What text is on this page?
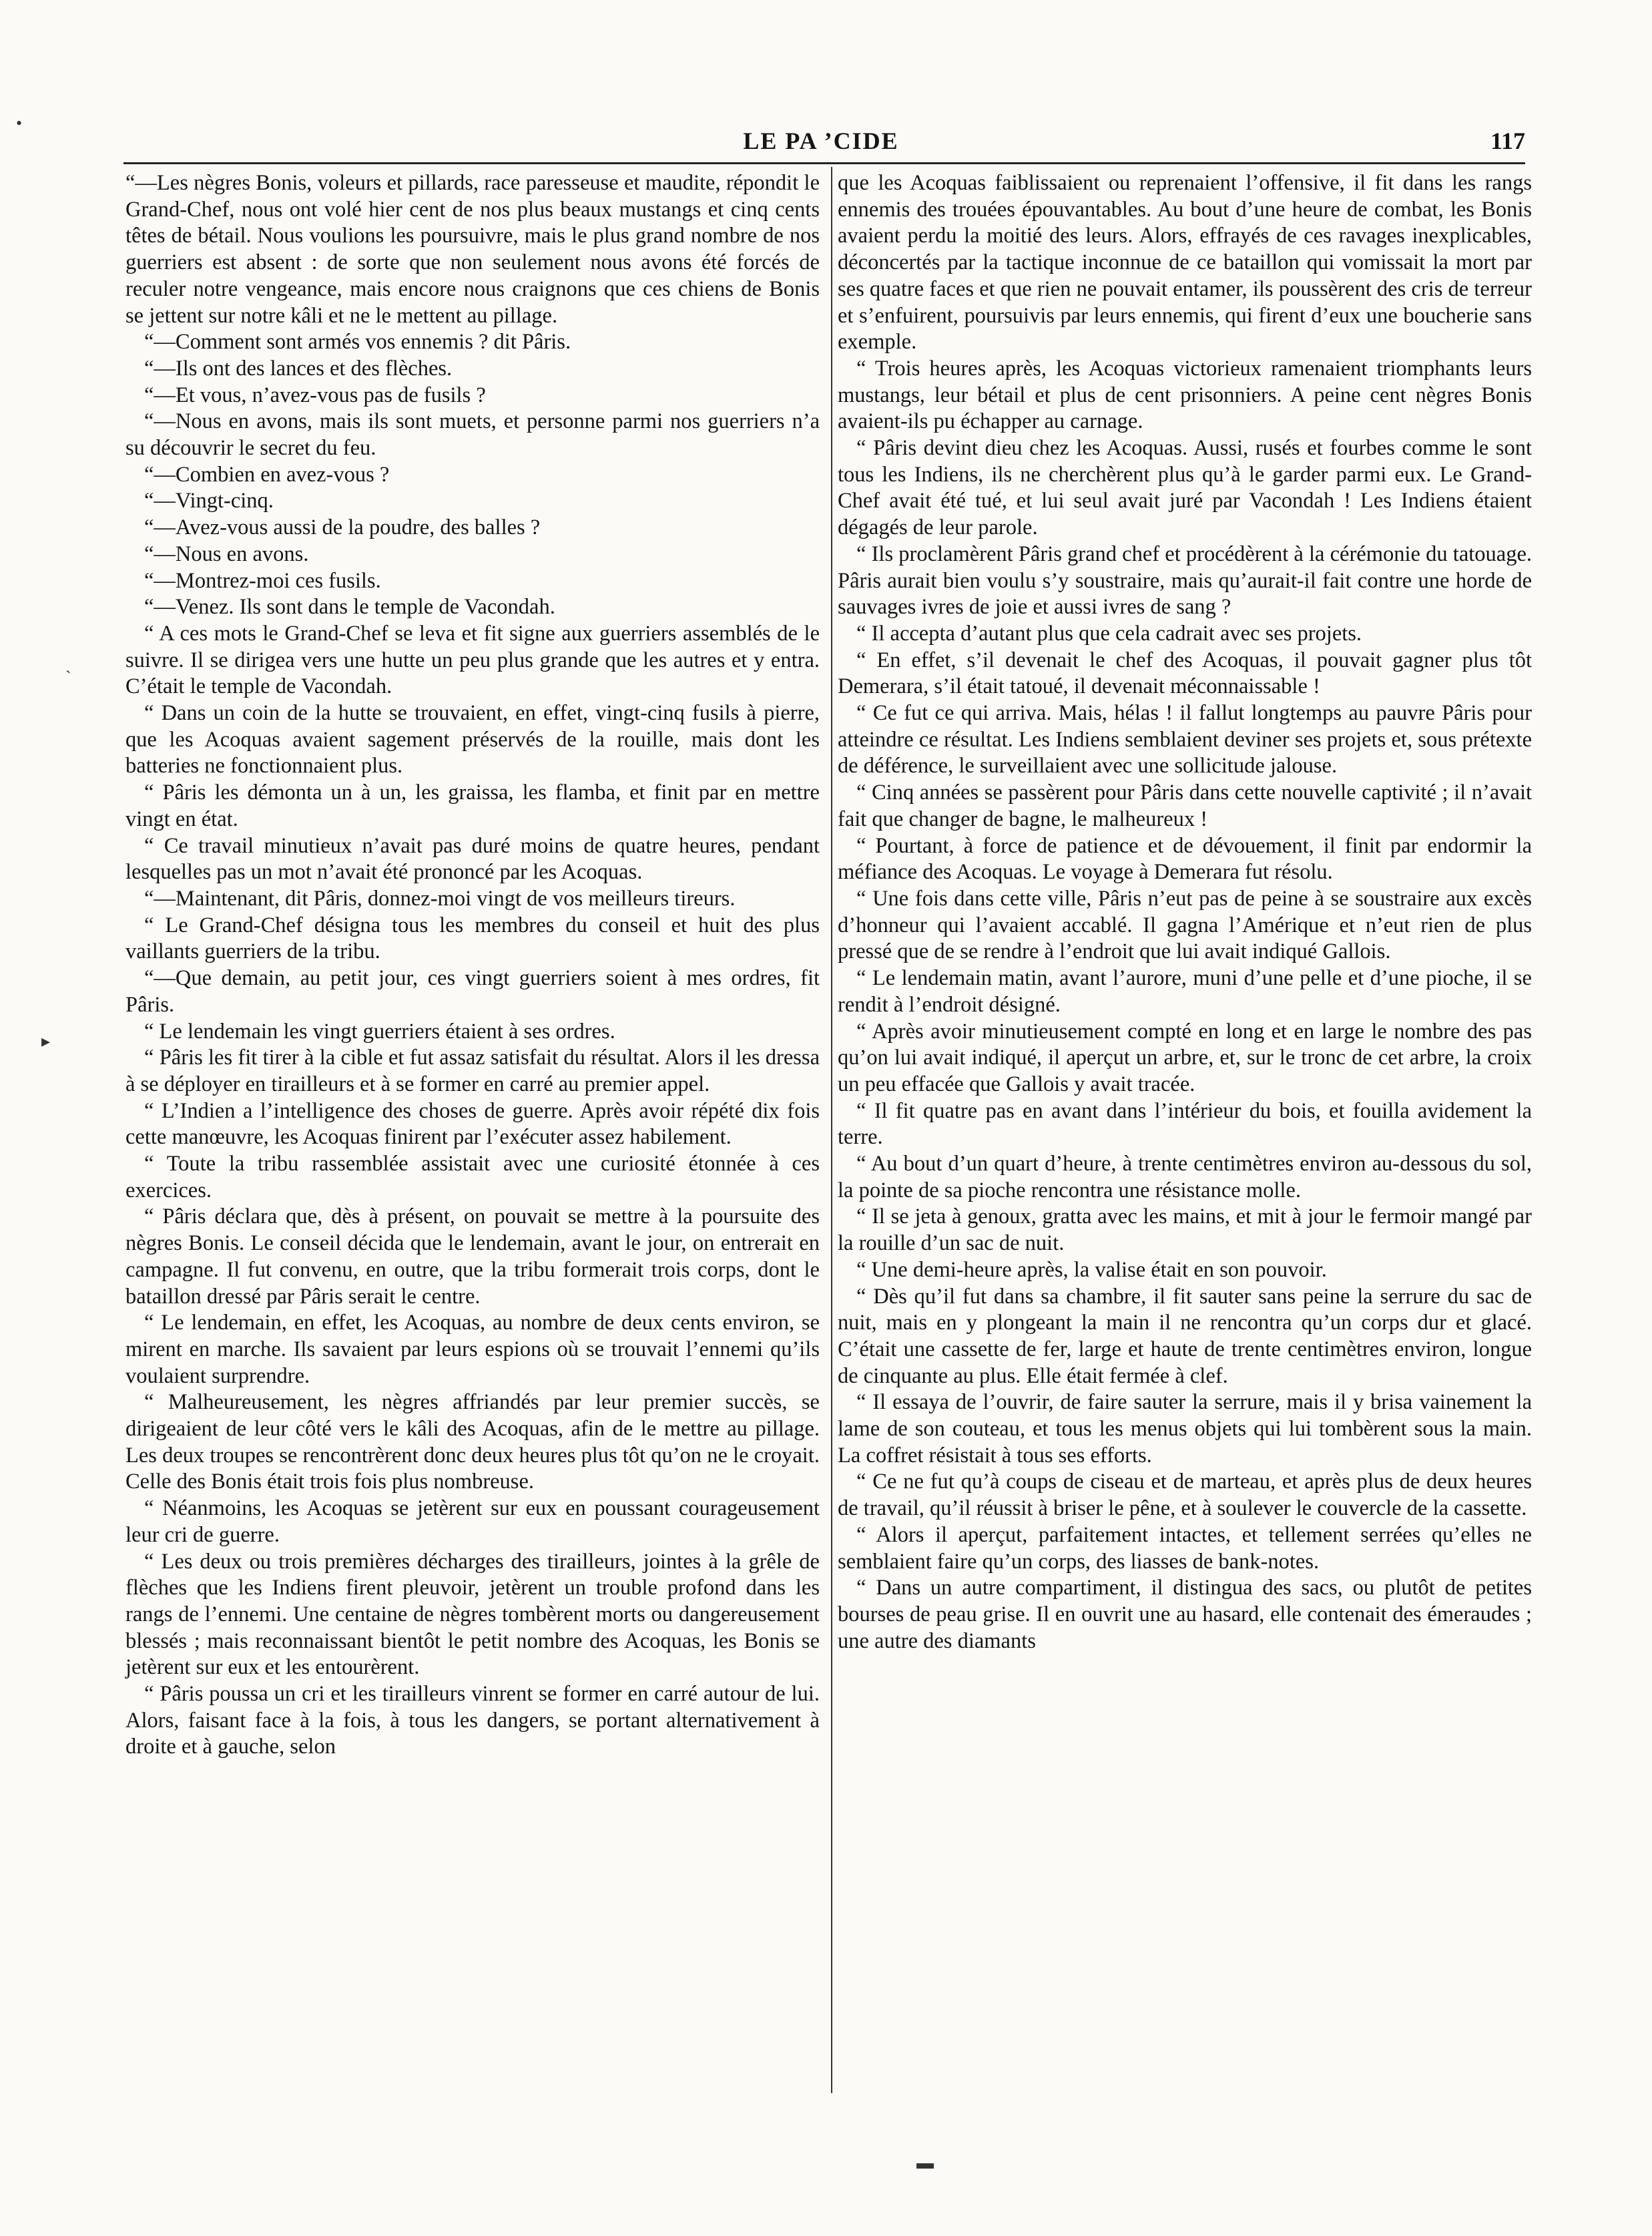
LE PA ’CIDE	117
•
`
▸
▬

“—Les nègres Bonis, voleurs et pillards, race paresseuse et maudite, répondit le Grand-Chef, nous ont volé hier cent de nos plus beaux mustangs et cinq cents têtes de bétail. Nous voulions les poursuivre, mais le plus grand nombre de nos guerriers est absent : de sorte que non seulement nous avons été forcés de reculer notre vengeance, mais encore nous craignons que ces chiens de Bonis se jettent sur notre kâli et ne le mettent au pillage.

“—Comment sont armés vos ennemis ? dit Pâris.

“—Ils ont des lances et des flèches.

“—Et vous, n’avez-vous pas de fusils ?

“—Nous en avons, mais ils sont muets, et personne parmi nos guerriers n’a su découvrir le secret du feu.

“—Combien en avez-vous ?

“—Vingt-cinq.

“—Avez-vous aussi de la poudre, des balles ?

“—Nous en avons.

“—Montrez-moi ces fusils.

“—Venez. Ils sont dans le temple de Vacondah.

“ A ces mots le Grand-Chef se leva et fit signe aux guerriers assemblés de le suivre. Il se dirigea vers une hutte un peu plus grande que les autres et y entra. C’était le temple de Vacondah.

“ Dans un coin de la hutte se trouvaient, en effet, vingt-cinq fusils à pierre, que les Acoquas avaient sagement préservés de la rouille, mais dont les batteries ne fonctionnaient plus.

“ Pâris les démonta un à un, les graissa, les flamba, et finit par en mettre vingt en état.

“ Ce travail minutieux n’avait pas duré moins de quatre heures, pendant lesquelles pas un mot n’avait été prononcé par les Acoquas.

“—Maintenant, dit Pâris, donnez-moi vingt de vos meilleurs tireurs.

“ Le Grand-Chef désigna tous les membres du conseil et huit des plus vaillants guerriers de la tribu.

“—Que demain, au petit jour, ces vingt guerriers soient à mes ordres, fit Pâris.

“ Le lendemain les vingt guerriers étaient à ses ordres.

“ Pâris les fit tirer à la cible et fut assaz satisfait du résultat. Alors il les dressa à se déployer en tirailleurs et à se former en carré au premier appel.

“ L’Indien a l’intelligence des choses de guerre. Après avoir répété dix fois cette manœuvre, les Acoquas finirent par l’exécuter assez habilement.

“ Toute la tribu rassemblée assistait avec une curiosité étonnée à ces exercices.

“ Pâris déclara que, dès à présent, on pouvait se mettre à la poursuite des nègres Bonis. Le conseil décida que le lendemain, avant le jour, on entrerait en campagne. Il fut convenu, en outre, que la tribu formerait trois corps, dont le bataillon dressé par Pâris serait le centre.

“ Le lendemain, en effet, les Acoquas, au nombre de deux cents environ, se mirent en marche. Ils savaient par leurs espions où se trouvait l’ennemi qu’ils voulaient surprendre.

“ Malheureusement, les nègres affriandés par leur premier succès, se dirigeaient de leur côté vers le kâli des Acoquas, afin de le mettre au pillage. Les deux troupes se rencontrèrent donc deux heures plus tôt qu’on ne le croyait. Celle des Bonis était trois fois plus nombreuse.

“ Néanmoins, les Acoquas se jetèrent sur eux en poussant courageusement leur cri de guerre.

“ Les deux ou trois premières décharges des tirailleurs, jointes à la grêle de flèches que les Indiens firent pleuvoir, jetèrent un trouble profond dans les rangs de l’ennemi. Une centaine de nègres tombèrent morts ou dangereusement blessés ; mais reconnaissant bientôt le petit nombre des Acoquas, les Bonis se jetèrent sur eux et les entourèrent.

“ Pâris poussa un cri et les tirailleurs vinrent se former en carré autour de lui. Alors, faisant face à la fois, à tous les dangers, se portant alternativement à droite et à gauche, selon

que les Acoquas faiblissaient ou reprenaient l’offensive, il fit dans les rangs ennemis des trouées épouvantables. Au bout d’une heure de combat, les Bonis avaient perdu la moitié des leurs. Alors, effrayés de ces ravages inexplicables, déconcertés par la tactique inconnue de ce bataillon qui vomissait la mort par ses quatre faces et que rien ne pouvait entamer, ils poussèrent des cris de terreur et s’enfuirent, poursuivis par leurs ennemis, qui firent d’eux une boucherie sans exemple.

“ Trois heures après, les Acoquas victorieux ramenaient triomphants leurs mustangs, leur bétail et plus de cent prisonniers. A peine cent nègres Bonis avaient-ils pu échapper au carnage.

“ Pâris devint dieu chez les Acoquas. Aussi, rusés et fourbes comme le sont tous les Indiens, ils ne cherchèrent plus qu’à le garder parmi eux. Le Grand-Chef avait été tué, et lui seul avait juré par Vacondah ! Les Indiens étaient dégagés de leur parole.

“ Ils proclamèrent Pâris grand chef et procédèrent à la cérémonie du tatouage. Pâris aurait bien voulu s’y soustraire, mais qu’aurait-il fait contre une horde de sauvages ivres de joie et aussi ivres de sang ?

“ Il accepta d’autant plus que cela cadrait avec ses projets.

“ En effet, s’il devenait le chef des Acoquas, il pouvait gagner plus tôt Demerara, s’il était tatoué, il devenait méconnaissable !

“ Ce fut ce qui arriva. Mais, hélas ! il fallut longtemps au pauvre Pâris pour atteindre ce résultat. Les Indiens semblaient deviner ses projets et, sous prétexte de déférence, le surveillaient avec une sollicitude jalouse.

“ Cinq années se passèrent pour Pâris dans cette nouvelle captivité ; il n’avait fait que changer de bagne, le malheureux !

“ Pourtant, à force de patience et de dévouement, il finit par endormir la méfiance des Acoquas. Le voyage à Demerara fut résolu.

“ Une fois dans cette ville, Pâris n’eut pas de peine à se soustraire aux excès d’honneur qui l’avaient accablé. Il gagna l’Amérique et n’eut rien de plus pressé que de se rendre à l’endroit que lui avait indiqué Gallois.

“ Le lendemain matin, avant l’aurore, muni d’une pelle et d’une pioche, il se rendit à l’endroit désigné.

“ Après avoir minutieusement compté en long et en large le nombre des pas qu’on lui avait indiqué, il aperçut un arbre, et, sur le tronc de cet arbre, la croix un peu effacée que Gallois y avait tracée.

“ Il fit quatre pas en avant dans l’intérieur du bois, et fouilla avidement la terre.

“ Au bout d’un quart d’heure, à trente centimètres environ au-dessous du sol, la pointe de sa pioche rencontra une résistance molle.

“ Il se jeta à genoux, gratta avec les mains, et mit à jour le fermoir mangé par la rouille d’un sac de nuit.

“ Une demi-heure après, la valise était en son pouvoir.

“ Dès qu’il fut dans sa chambre, il fit sauter sans peine la serrure du sac de nuit, mais en y plongeant la main il ne rencontra qu’un corps dur et glacé. C’était une cassette de fer, large et haute de trente centimètres environ, longue de cinquante au plus. Elle était fermée à clef.

“ Il essaya de l’ouvrir, de faire sauter la serrure, mais il y brisa vainement la lame de son couteau, et tous les menus objets qui lui tombèrent sous la main. La coffret résistait à tous ses efforts.

“ Ce ne fut qu’à coups de ciseau et de marteau, et après plus de deux heures de travail, qu’il réussit à briser le pêne, et à soulever le couvercle de la cassette.

“ Alors il aperçut, parfaitement intactes, et tellement serrées qu’elles ne semblaient faire qu’un corps, des liasses de bank-notes.

“ Dans un autre compartiment, il distingua des sacs, ou plutôt de petites bourses de peau grise. Il en ouvrit une au hasard, elle contenait des émeraudes ; une autre des diamants
